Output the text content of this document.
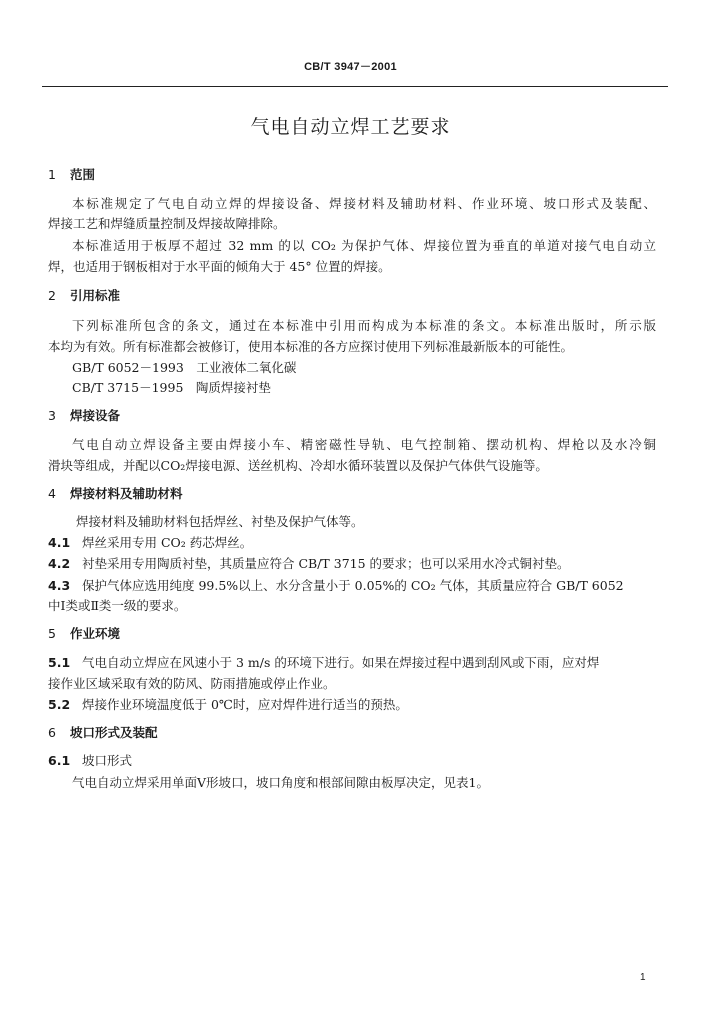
CB/T 3947－2001
气电自动立焊工艺要求
1 范围
本标准规定了气电自动立焊的焊接设备、焊接材料及辅助材料、作业环境、坡口形式及装配、
焊接工艺和焊缝质量控制及焊接故障排除。
本标准适用于板厚不超过 32 mm 的以 CO₂ 为保护气体、焊接位置为垂直的单道对接气电自动立
焊，也适用于钢板相对于水平面的倾角大于 45° 位置的焊接。
2 引用标准
下列标准所包含的条文，通过在本标准中引用而构成为本标准的条文。本标准出版时，所示版
本均为有效。所有标准都会被修订，使用本标准的各方应探讨使用下列标准最新版本的可能性。
GB/T 6052－1993　工业液体二氧化碳
CB/T 3715－1995　陶质焊接衬垫
3 焊接设备
气电自动立焊设备主要由焊接小车、精密磁性导轨、电气控制箱、摆动机构、焊枪以及水冷铜
滑块等组成，并配以CO₂焊接电源、送丝机构、冷却水循环装置以及保护气体供气设施等。
4 焊接材料及辅助材料
焊接材料及辅助材料包括焊丝、衬垫及保护气体等。
4.1 焊丝采用专用 CO₂ 药芯焊丝。
4.2 衬垫采用专用陶质衬垫，其质量应符合 CB/T 3715 的要求；也可以采用水冷式铜衬垫。
4.3 保护气体应选用纯度 99.5%以上、水分含量小于 0.05%的 CO₂ 气体，其质量应符合 GB/T 6052
中Ⅰ类或Ⅱ类一级的要求。
5 作业环境
5.1 气电自动立焊应在风速小于 3 m/s 的环境下进行。如果在焊接过程中遇到刮风或下雨，应对焊
接作业区域采取有效的防风、防雨措施或停止作业。
5.2 焊接作业环境温度低于 0℃时，应对焊件进行适当的预热。
6 坡口形式及装配
6.1 坡口形式
气电自动立焊采用单面V形坡口，坡口角度和根部间隙由板厚决定，见表1。
1
